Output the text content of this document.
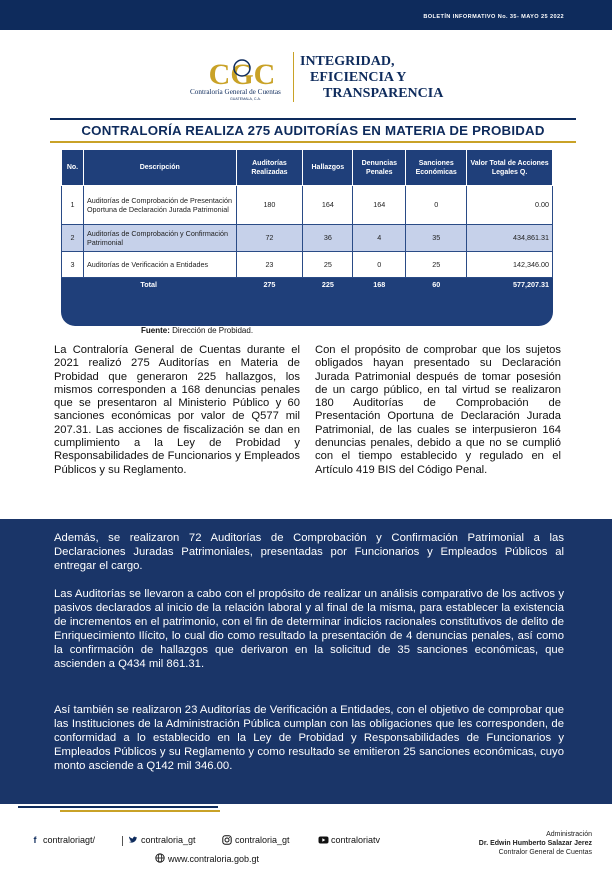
BOLETÍN INFORMATIVO No. 35- MAYO 25 2022
CGC
Contraloría General de Cuentas
GUATEMALA, C.A.
INTEGRIDAD,
EFICIENCIA Y
TRANSPARENCIA
CONTRALORÍA REALIZA 275 AUDITORÍAS EN MATERIA DE PROBIDAD
No.	Descripción	Auditorías Realizadas	Hallazgos	Denuncias Penales	Sanciones Económicas	Valor Total de Acciones Legales Q.
1	Auditorías de Comprobación de Presentación Oportuna de Declaración Jurada Patrimonial	180	164	164	0	0.00
2	Auditorías de Comprobación y Confirmación Patrimonial	72	36	4	35	434,861.31
3	Auditorías de Verificación a Entidades	23	25	0	25	142,346.00
Total		275	225	168	60	577,207.31
Fuente: Dirección de Probidad.
La Contraloría General de Cuentas durante el 2021 realizó 275 Auditorías en Materia de Probidad que generaron 225 hallazgos, los mismos corresponden a 168 denuncias penales que se presentaron al Ministerio Público y 60 sanciones económicas por valor de Q577 mil 207.31. Las acciones de fiscalización se dan en cumplimiento a la Ley de Probidad y Responsabilidades de Funcionarios y Empleados Públicos y su Reglamento.
Con el propósito de comprobar que los sujetos obligados hayan presentado su Declaración Jurada Patrimonial después de tomar posesión de un cargo público, en tal virtud se realizaron 180 Auditorías de Comprobación de Presentación Oportuna de Declaración Jurada Patrimonial, de las cuales se interpusieron 164 denuncias penales, debido a que no se cumplió con el tiempo establecido y regulado en el Artículo 419 BIS del Código Penal.
Además, se realizaron 72 Auditorías de Comprobación y Confirmación Patrimonial a las Declaraciones Juradas Patrimoniales, presentadas por Funcionarios y Empleados Públicos al entregar el cargo.
Las Auditorías se llevaron a cabo con el propósito de realizar un análisis comparativo de los activos y pasivos declarados al inicio de la relación laboral y al final de la misma, para establecer la existencia de incrementos en el patrimonio, con el fin de determinar indicios racionales constitutivos de delito de Enriquecimiento Ilícito, lo cual dio como resultado la presentación de 4 denuncias penales, así como la confirmación de hallazgos que derivaron en la solicitud de 35 sanciones económicas, que ascienden a Q434 mil 861.31.
Así también se realizaron 23 Auditorías de Verificación a Entidades, con el objetivo de comprobar que las Instituciones de la Administración Pública cumplan con las obligaciones que les corresponden, de conformidad a lo establecido en la Ley de Probidad y Responsabilidades de Funcionarios y Empleados Públicos y su Reglamento y como resultado se emitieron 25 sanciones económicas, cuyo monto asciende a Q142 mil 346.00.
f contraloriagt/	contraloria_gt	contraloria_gt	contraloriatv
www.contraloria.gob.gt
Administración
Dr. Edwin Humberto Salazar Jerez
Contralor General de Cuentas
